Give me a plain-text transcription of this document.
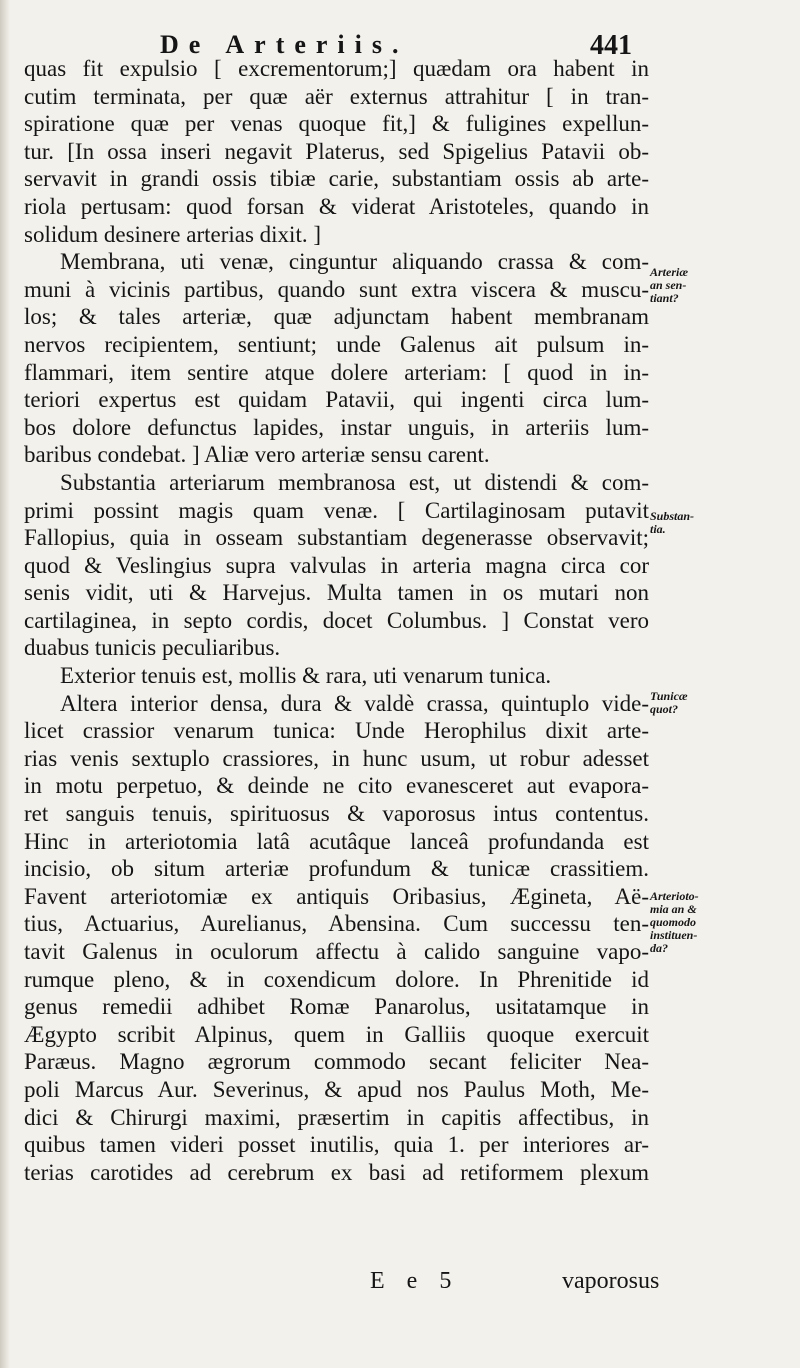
De Arteriis.	441
quas fit expulsio [ excrementorum;] quædam ora habent in
cutim terminata, per quæ aër externus attrahitur [ in tran-
spiratione quæ per venas quoque fit,] & fuligines expellun-
tur. [In ossa inseri negavit Platerus, sed Spigelius Patavii ob-
servavit in grandi ossis tibiæ carie, substantiam ossis ab arte-
riola pertusam: quod forsan & viderat Aristoteles, quando in
solidum desinere arterias dixit. ]
Membrana, uti venæ, cinguntur aliquando crassa & com-
muni à vicinis partibus, quando sunt extra viscera & muscu-
los; & tales arteriæ, quæ adjunctam habent membranam
nervos recipientem, sentiunt; unde Galenus ait pulsum in-
flammari, item sentire atque dolere arteriam: [ quod in in-
teriori expertus est quidam Patavii, qui ingenti circa lum-
bos dolore defunctus lapides, instar unguis, in arteriis lum-
baribus condebat. ] Aliæ vero arteriæ sensu carent.
Substantia arteriarum membranosa est, ut distendi & com-
primi possint magis quam venæ. [ Cartilaginosam putavit
Fallopius, quia in osseam substantiam degenerasse observavit;
quod & Veslingius supra valvulas in arteria magna circa cor
senis vidit, uti & Harvejus. Multa tamen in os mutari non
cartilaginea, in septo cordis, docet Columbus. ] Constat vero
duabus tunicis peculiaribus.
Exterior tenuis est, mollis & rara, uti venarum tunica.
Altera interior densa, dura & valdè crassa, quintuplo vide-
licet crassior venarum tunica: Unde Herophilus dixit arte-
rias venis sextuplo crassiores, in hunc usum, ut robur adesset
in motu perpetuo, & deinde ne cito evanesceret aut evapora-
ret sanguis tenuis, spirituosus & vaporosus intus contentus.
Hinc in arteriotomia latâ acutâque lanceâ profundanda est
incisio, ob situm arteriæ profundum & tunicæ crassitiem.
Favent arteriotomiæ ex antiquis Oribasius, Ægineta, Aë-
tius, Actuarius, Aurelianus, Abensina. Cum successu ten-
tavit Galenus in oculorum affectu à calido sanguine vapo-
rumque pleno, & in coxendicum dolore. In Phrenitide id
genus remedii adhibet Romæ Panarolus, usitatamque in
Ægypto scribit Alpinus, quem in Galliis quoque exercuit
Paræus. Magno ægrorum commodo secant feliciter Nea-
poli Marcus Aur. Severinus, & apud nos Paulus Moth, Me-
dici & Chirurgi maximi, præsertim in capitis affectibus, in
quibus tamen videri posset inutilis, quia 1. per interiores ar-
terias carotides ad cerebrum ex basi ad retiformem plexum
Arteriæ
an sen-
tiant?
Substan-
tia.
Tunicæ
quot?
Arterioto-
mia an &
quomodo
instituen-
da?
E e 5	vaporosus
